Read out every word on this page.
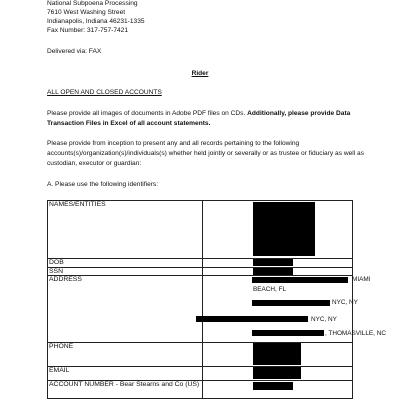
National Subpoena Processing
7610 West Washing Street
Indianapolis, Indiana 46231-1335
Fax Number: 317-757-7421
Delivered via: FAX
Rider
ALL OPEN AND CLOSED ACCOUNTS
Please provide all images of documents in Adobe PDF files on CDs. Additionally, please provide Data Transaction Files in Excel of all account statements.
Please provide from inception to present any and all records pertaining to the following accounts(s)/organization(s)/individuals(s) whether held jointly or severally or as trustee or fiduciary as well as custodian, executor or guardian:
A. Please use the following identifiers:
NAMES/ENTITIES	
DOB	
SSN	
ADDRESS	MIAMI
BEACH, FL
NYC, NY
NYC, NY
, THOMASVILLE, NC

PHONE	
EMAIL	
ACCOUNT NUMBER - Bear Stearns and Co (US)	
